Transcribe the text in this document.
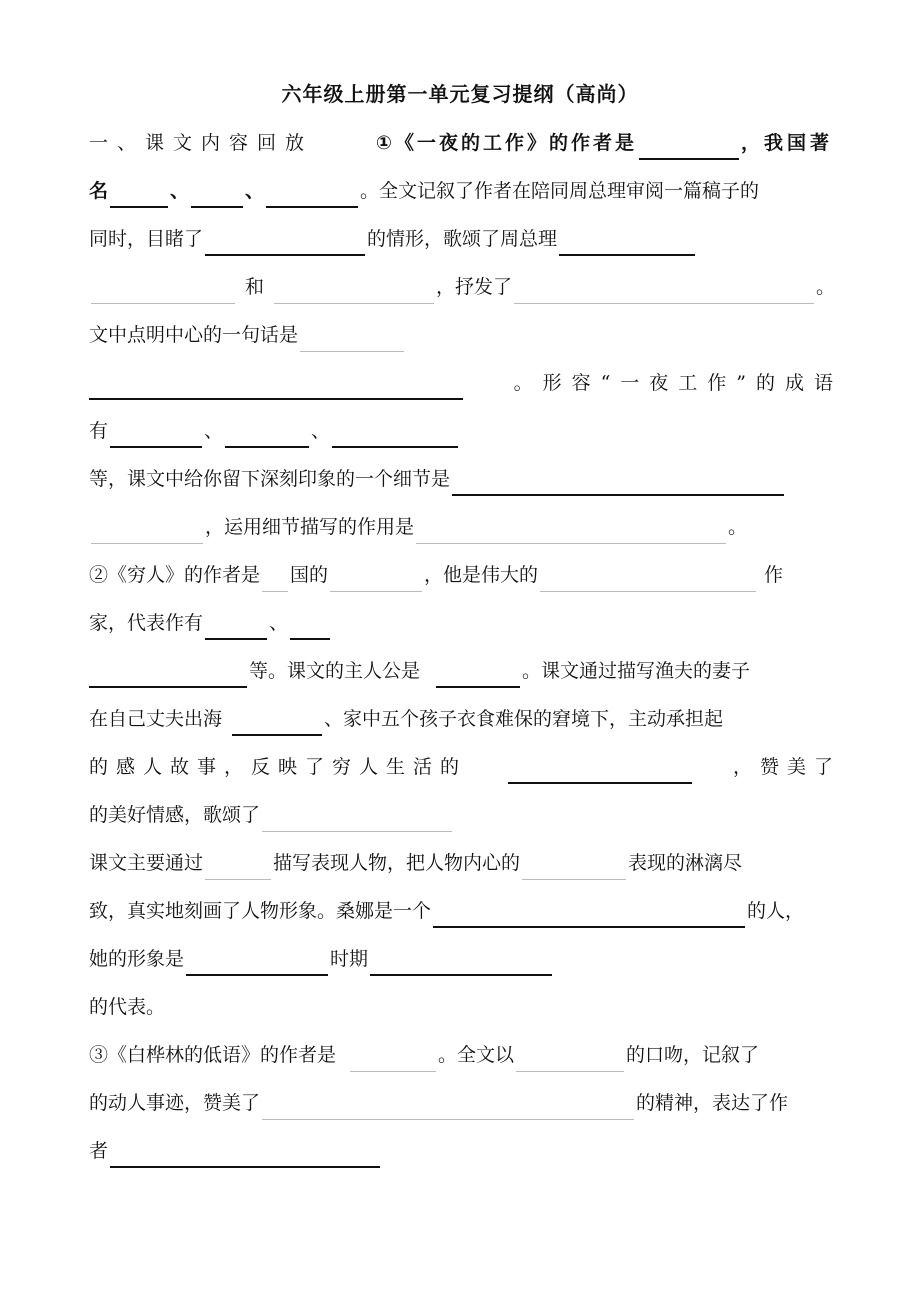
六年级上册第一单元复习提纲（高尚）
一、课文内容回放	①《一夜的工作》的作者是	，我国著
名	、	、	。全文记叙了作者在陪同周总理审阅一篇稿子的
同时，目睹了	的情形，歌颂了周总理
和	，抒发了	。
文中点明中心的一句话是
。形容“一夜工作”的成语
有	、	、
等，课文中给你留下深刻印象的一个细节是
，运用细节描写的作用是	。
②《穷人》的作者是 国的	，他是伟大的	作
家，代表作有	、
等。课文的主人公是	。课文通过描写渔夫的妻子
在自己丈夫出海	、家中五个孩子衣食难保的窘境下，主动承担起
的感人故事，反映了穷人生活的	，赞美了
的美好情感，歌颂了
课文主要通过	描写表现人物，把人物内心的	表现的淋漓尽
致，真实地刻画了人物形象。桑娜是一个	的人，
她的形象是	时期
的代表。
③《白桦林的低语》的作者是	。全文以	的口吻，记叙了
的动人事迹，赞美了	的精神，表达了作
者
